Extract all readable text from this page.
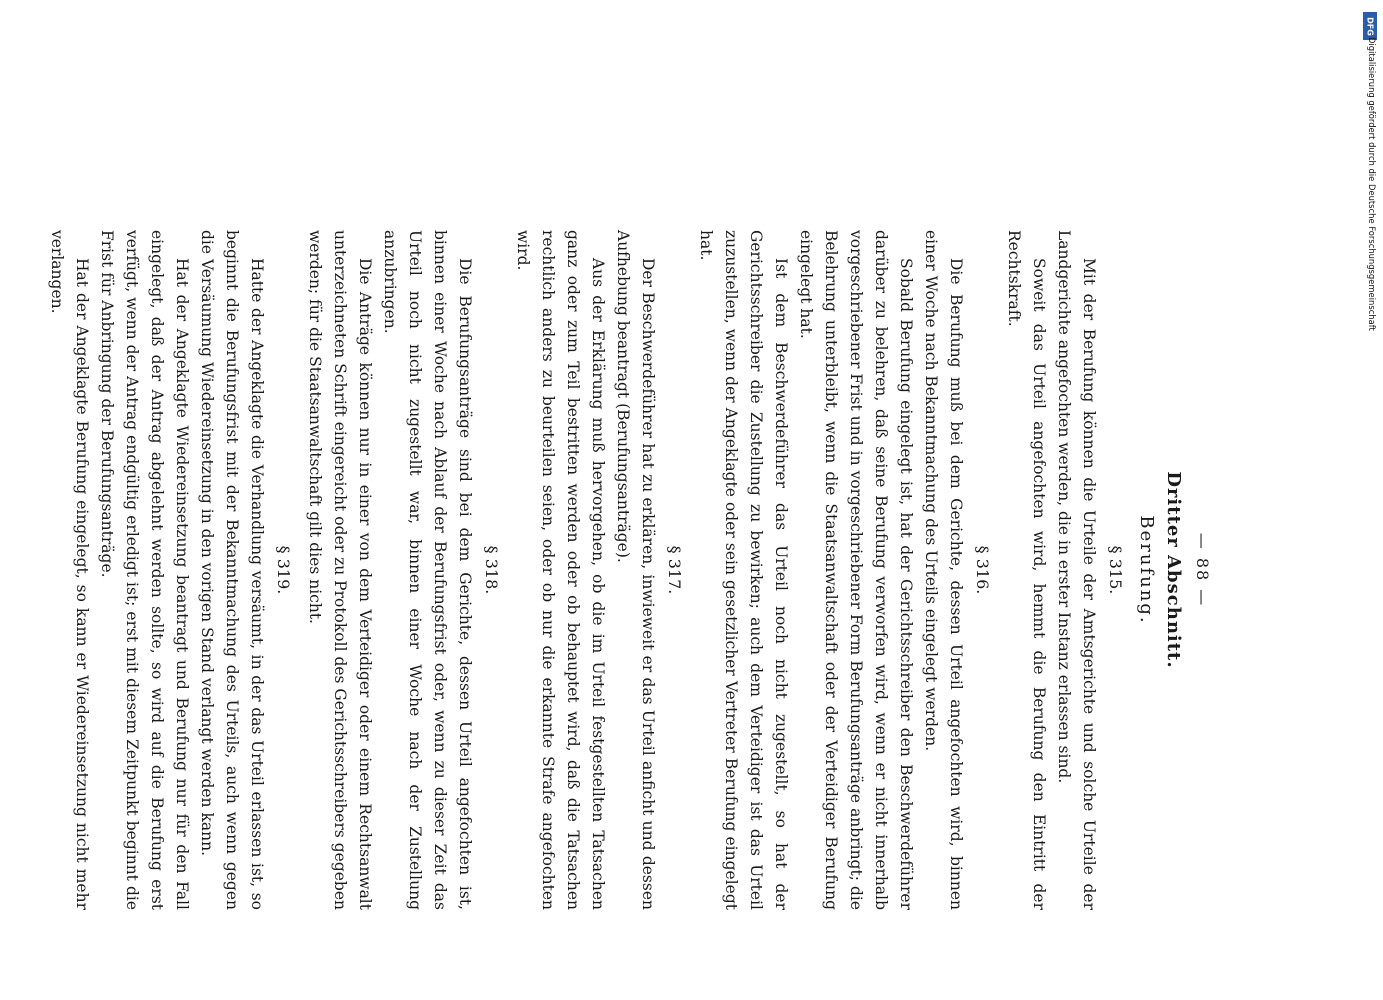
— 88 —
Dritter Abschnitt.
Berufung.
§ 315.

Mit der Berufung können die Urteile der Amtsgerichte und solche Urteile der Landgerichte angefochten werden, die in erster Instanz erlassen sind.

Soweit das Urteil angefochten wird, hemmt die Berufung den Eintritt der Rechtskraft.

§ 316.

Die Berufung muß bei dem Gerichte, dessen Urteil angefochten wird, binnen einer Woche nach Bekanntmachung des Urteils eingelegt werden.

Sobald Berufung eingelegt ist, hat der Gerichtsschreiber den Beschwerdeführer darüber zu belehren, daß seine Berufung verworfen wird, wenn er nicht innerhalb vorgeschriebener Frist und in vorgeschriebener Form Berufungsanträge anbringt; die Belehrung unterbleibt, wenn die Staatsanwaltschaft oder der Verteidiger Berufung eingelegt hat.

Ist dem Beschwerdeführer das Urteil noch nicht zugestellt, so hat der Gerichtsschreiber die Zustellung zu bewirken; auch dem Verteidiger ist das Urteil zuzustellen, wenn der Angeklagte oder sein gesetzlicher Vertreter Berufung eingelegt hat.

§ 317.

Der Beschwerdeführer hat zu erklären, inwieweit er das Urteil anficht und dessen Aufhebung beantragt (Berufungsanträge).

Aus der Erklärung muß hervorgehen, ob die im Urteil festgestellten Tatsachen ganz oder zum Teil bestritten werden oder ob behauptet wird, daß die Tatsachen rechtlich anders zu beurteilen seien, oder ob nur die erkannte Strafe angefochten wird.

§ 318.

Die Berufungsanträge sind bei dem Gerichte, dessen Urteil angefochten ist, binnen einer Woche nach Ablauf der Berufungsfrist oder, wenn zu dieser Zeit das Urteil noch nicht zugestellt war, binnen einer Woche nach der Zustellung anzubringen.

Die Anträge können nur in einer von dem Verteidiger oder einem Rechtsanwalt unterzeichneten Schrift eingereicht oder zu Protokoll des Gerichtsschreibers gegeben werden; für die Staatsanwaltschaft gilt dies nicht.

§ 319.

Hatte der Angeklagte die Verhandlung versäumt, in der das Urteil erlassen ist, so beginnt die Berufungsfrist mit der Bekanntmachung des Urteils, auch wenn gegen die Versäumung Wiedereinsetzung in den vorigen Stand verlangt werden kann.

Hat der Angeklagte Wiedereinsetzung beantragt und Berufung nur für den Fall eingelegt, daß der Antrag abgelehnt werden sollte, so wird auf die Berufung erst verfügt, wenn der Antrag endgültig erledigt ist; erst mit diesem Zeitpunkt beginnt die Frist für Anbringung der Berufungsanträge.

Hat der Angeklagte Berufung eingelegt, so kann er Wiedereinsetzung nicht mehr verlangen.

DFG
Digitalisierung gefördert durch die Deutsche Forschungsgemeinschaft
